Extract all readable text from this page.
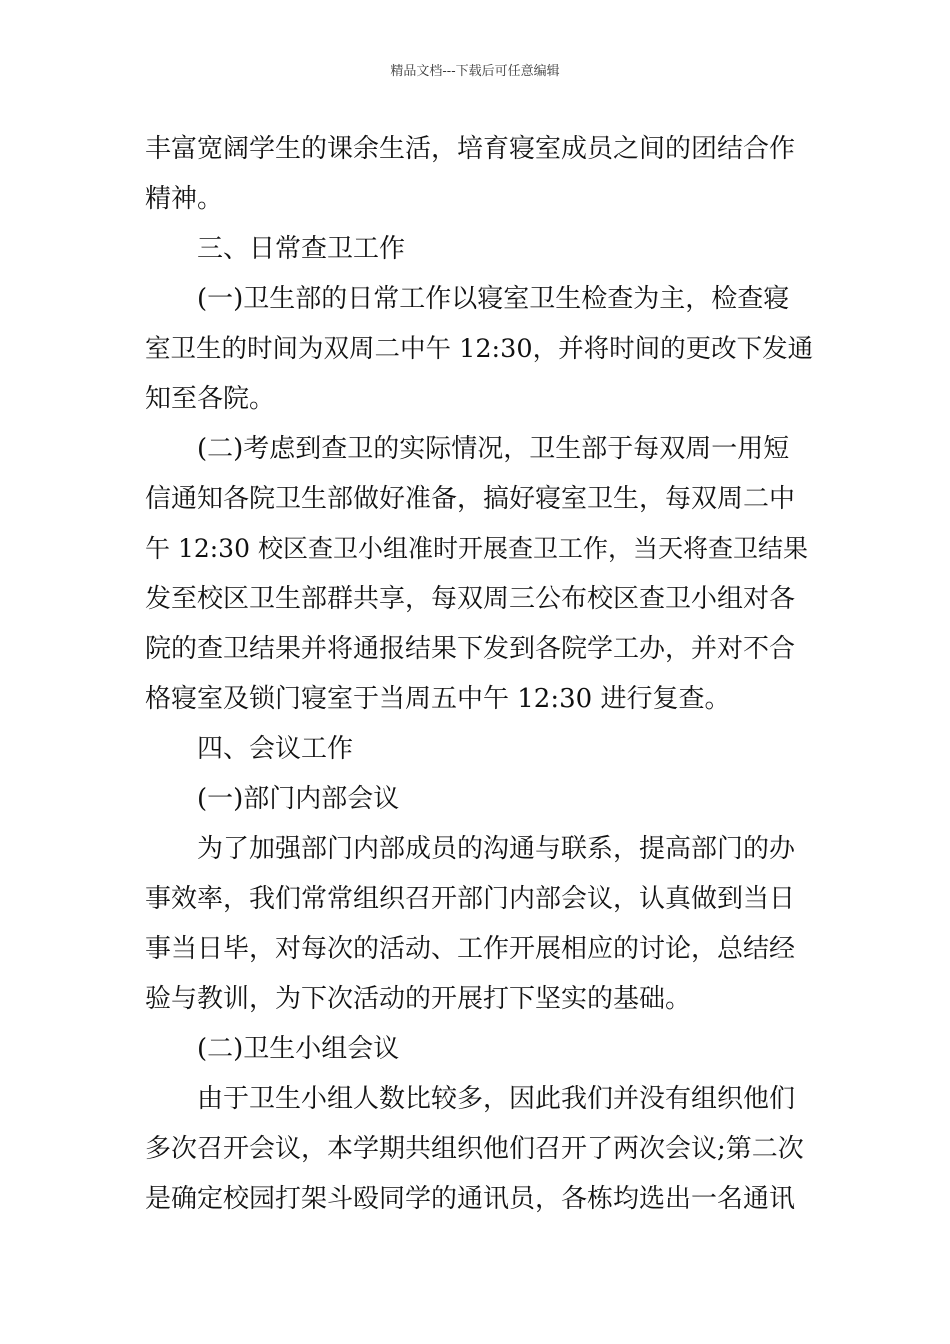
精品文档---下载后可任意编辑
丰富宽阔学生的课余生活，培育寝室成员之间的团结合作
精神。
三、日常查卫工作
(一)卫生部的日常工作以寝室卫生检查为主，检查寝
室卫生的时间为双周二中午 12:30，并将时间的更改下发通
知至各院。
(二)考虑到查卫的实际情况，卫生部于每双周一用短
信通知各院卫生部做好准备，搞好寝室卫生，每双周二中
午 12:30 校区查卫小组准时开展查卫工作，当天将查卫结果
发至校区卫生部群共享，每双周三公布校区查卫小组对各
院的查卫结果并将通报结果下发到各院学工办，并对不合
格寝室及锁门寝室于当周五中午 12:30 进行复查。
四、会议工作
(一)部门内部会议
为了加强部门内部成员的沟通与联系，提高部门的办
事效率，我们常常组织召开部门内部会议，认真做到当日
事当日毕，对每次的活动、工作开展相应的讨论，总结经
验与教训，为下次活动的开展打下坚实的基础。
(二)卫生小组会议
由于卫生小组人数比较多，因此我们并没有组织他们
多次召开会议，本学期共组织他们召开了两次会议;第二次
是确定校园打架斗殴同学的通讯员，各栋均选出一名通讯
